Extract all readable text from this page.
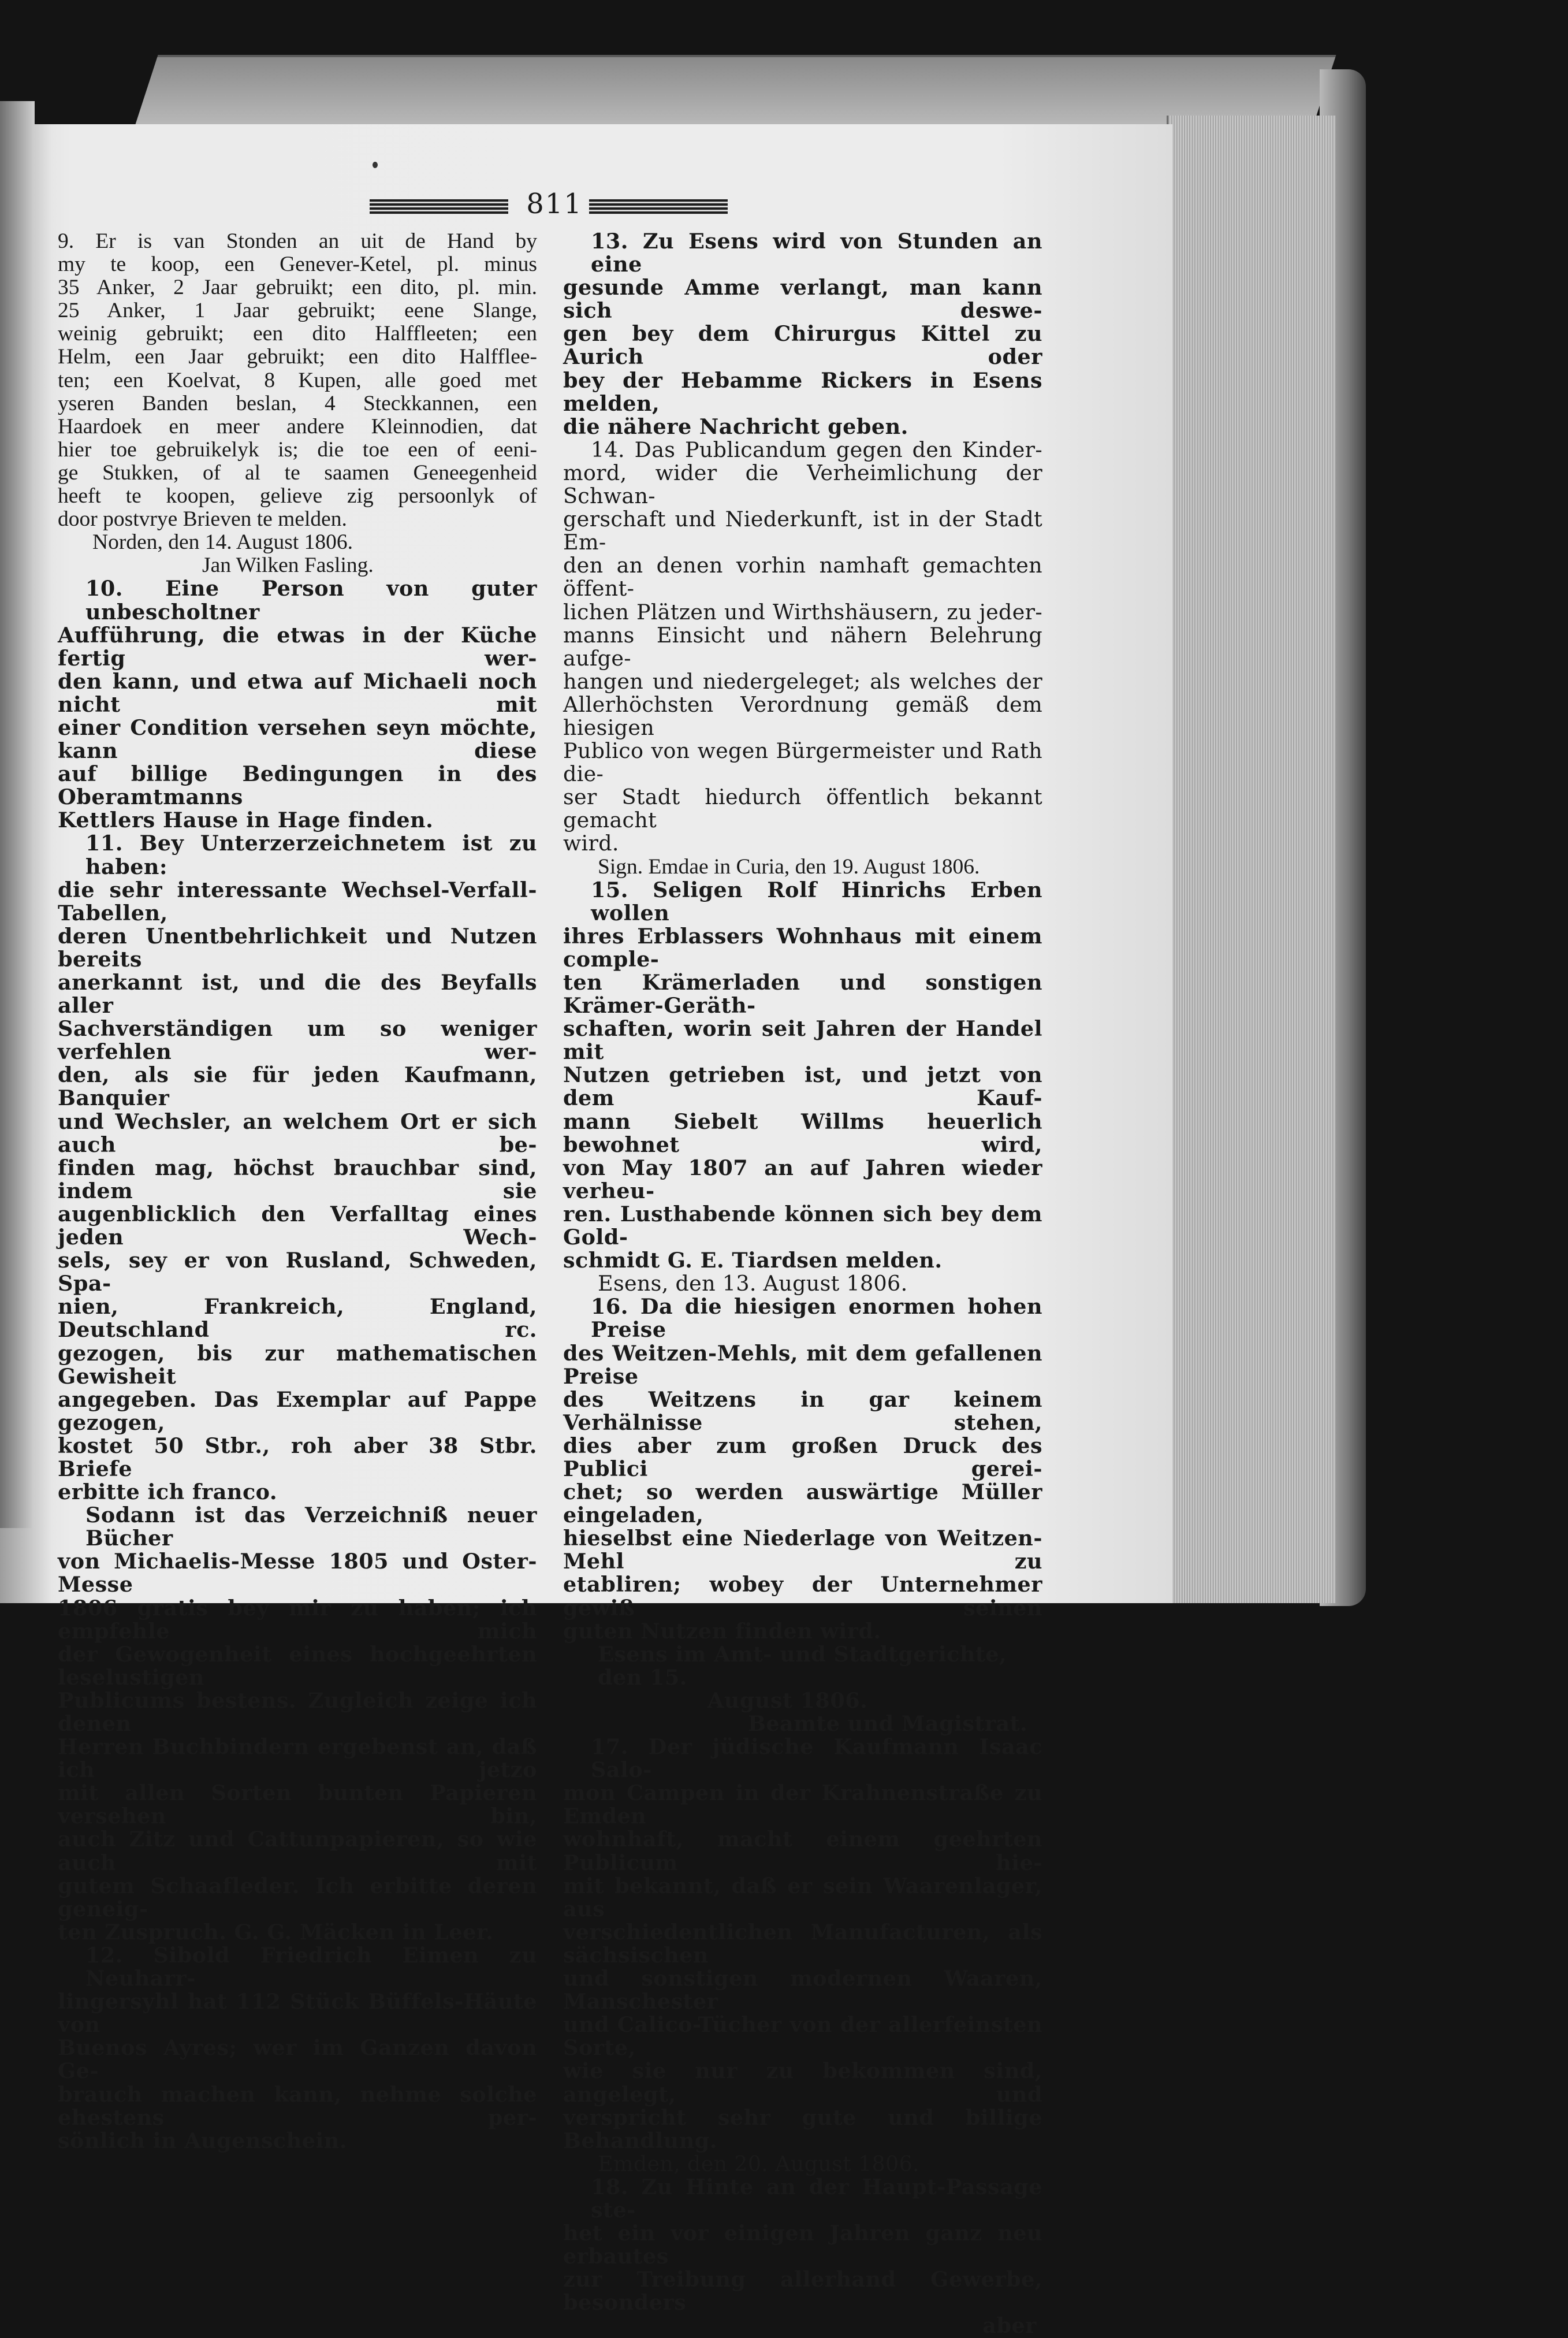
811

9. Er is van Stonden an uit de Hand by

my te koop, een Genever-Ketel, pl. minus

35 Anker, 2 Jaar gebruikt; een dito, pl. min.

25 Anker, 1 Jaar gebruikt; eene Slange,

weinig gebruikt; een dito Halffleeten; een

Helm, een Jaar gebruikt; een dito Halfflee-

ten; een Koelvat, 8 Kupen, alle goed met

yseren Banden beslan, 4 Steckkannen, een

Haardoek en meer andere Kleinnodien, dat

hier toe gebruikelyk is; die toe een of eeni-

ge Stukken, of al te saamen Geneegenheid

heeft te koopen, gelieve zig persoonlyk of

door postvrye Brieven te melden.

Norden, den 14. August 1806.

Jan Wilken Fasling.

10. Eine Person von guter unbescholtner

Aufführung, die etwas in der Küche fertig wer-

den kann, und etwa auf Michaeli noch nicht mit

einer Condition versehen seyn möchte, kann diese

auf billige Bedingungen in des Oberamtmanns

Kettlers Hause in Hage finden.

11. Bey Unterzerzeichnetem ist zu haben:

die sehr interessante Wechsel-Verfall-Tabellen,

deren Unentbehrlichkeit und Nutzen bereits

anerkannt ist, und die des Beyfalls aller

Sachverständigen um so weniger verfehlen wer-

den, als sie für jeden Kaufmann, Banquier

und Wechsler, an welchem Ort er sich auch be-

finden mag, höchst brauchbar sind, indem sie

augenblicklich den Verfalltag eines jeden Wech-

sels, sey er von Rusland, Schweden, Spa-

nien, Frankreich, England, Deutschland rc.

gezogen, bis zur mathematischen Gewisheit

angegeben. Das Exemplar auf Pappe gezogen,

kostet 50 Stbr., roh aber 38 Stbr. Briefe

erbitte ich franco.

Sodann ist das Verzeichniß neuer Bücher

von Michaelis-Messe 1805 und Oster-Messe

1806 gratis bey mir zu haben; ich empfehle mich

der Gewogenheit eines hochgeehrten leselustigen

Publicums bestens. Zugleich zeige ich denen

Herren Buchbindern ergebenst an, daß ich jetzo

mit allen Sorten bunten Papieren versehen bin,

auch Zitz und Cattunpapieren, so wie auch mit

gutem Schaafleder. Ich erbitte deren geneig-

ten Zuspruch. G. G. Mäcken in Leer.

12. Sibold Friedrich Eimen zu Neuharr-

lingersyhl hat 112 Stück Büffels-Häute von

Buenos Ayres; wer im Ganzen davon Ge-

brauch machen kann, nehme solche ehestens per-

sönlich in Augenschein.

13. Zu Esens wird von Stunden an eine

gesunde Amme verlangt, man kann sich deswe-

gen bey dem Chirurgus Kittel zu Aurich oder

bey der Hebamme Rickers in Esens melden,

die nähere Nachricht geben.

14. Das Publicandum gegen den Kinder-

mord, wider die Verheimlichung der Schwan-

gerschaft und Niederkunft, ist in der Stadt Em-

den an denen vorhin namhaft gemachten öffent-

lichen Plätzen und Wirthshäusern, zu jeder-

manns Einsicht und nähern Belehrung aufge-

hangen und niedergeleget; als welches der

Allerhöchsten Verordnung gemäß dem hiesigen

Publico von wegen Bürgermeister und Rath die-

ser Stadt hiedurch öffentlich bekannt gemacht

wird.

Sign. Emdae in Curia, den 19. August 1806.

15. Seligen Rolf Hinrichs Erben wollen

ihres Erblassers Wohnhaus mit einem comple-

ten Krämerladen und sonstigen Krämer-Geräth-

schaften, worin seit Jahren der Handel mit

Nutzen getrieben ist, und jetzt von dem Kauf-

mann Siebelt Willms heuerlich bewohnet wird,

von May 1807 an auf Jahren wieder verheu-

ren. Lusthabende können sich bey dem Gold-

schmidt G. E. Tiardsen melden.

Esens, den 13. August 1806.

16. Da die hiesigen enormen hohen Preise

des Weitzen-Mehls, mit dem gefallenen Preise

des Weitzens in gar keinem Verhälnisse stehen,

dies aber zum großen Druck des Publici gerei-

chet; so werden auswärtige Müller eingeladen,

hieselbst eine Niederlage von Weitzen-Mehl zu

etabliren; wobey der Unternehmer gewiß seinen

guten Nutzen finden wird.

Esens im Amt- und Stadtgerichte, den 15.

August 1806.

Beamte und Magistrat.

17. Der jüdische Kaufmann Isaac Salo-

mon Campen in der Krahnenstraße zu Emden

wohnhaft, macht einem geehrten Publicum hie-

mit bekannt, daß er sein Waarenlager, aus

verschiedentlichen Manufacturen, als sächsischen

und sonstigen modernen Waaren, Manschester

und Calico-Tücher von der allerfeinsten Sorte,

wie sie nur zu bekommen sind, angelegt, und

verspricht sehr gute und billige Behandlung.

Emden, den 20. August 1806.

18. Zu Hinte an der Haupt-Passage ste-

het ein vor einigen Jahren ganz neu erbautes

zur Treibung allerhand Gewerbe, besonders

aber
